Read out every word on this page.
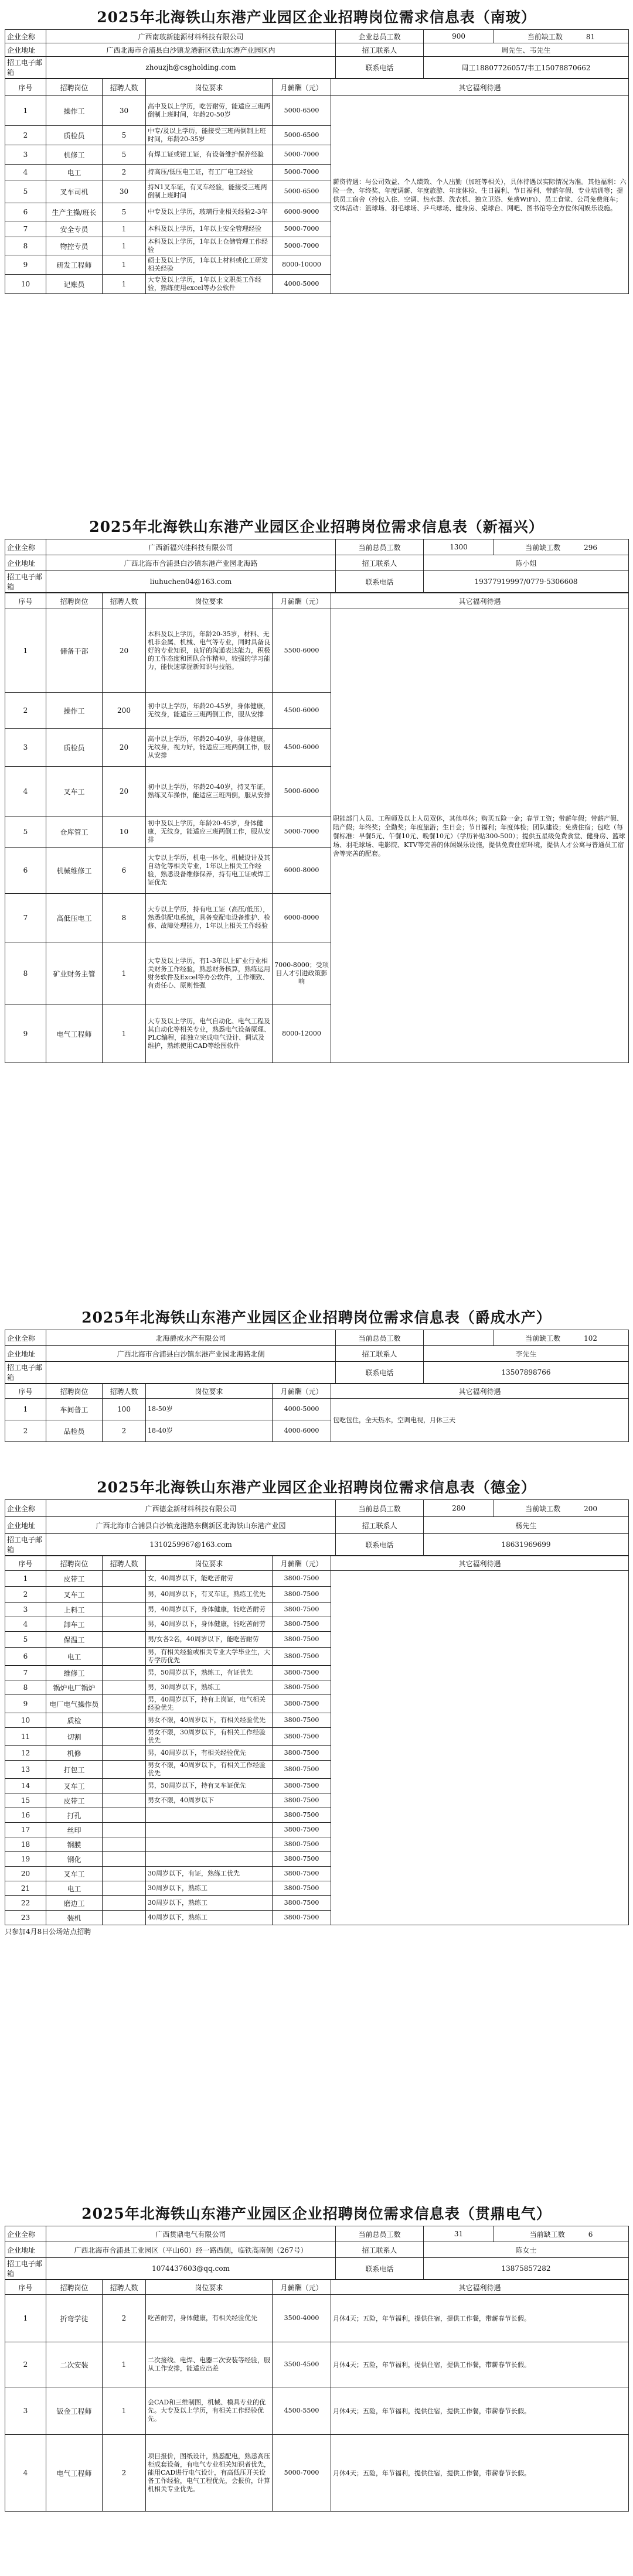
2025年北海铁山东港产业园区企业招聘岗位需求信息表（南玻）
企业全称	广西南玻新能源材料科技有限公司	企业总员工数	900	当前缺工数 81
企业地址	广西北海市合浦县白沙镇龙港新区铁山东港产业园区内	招工联系人	周先生、韦先生	
招工电子邮箱	zhouzjh@csgholding.com	联系电话	周工18807726057/韦工15078870662	
序号	招聘岗位	招聘人数	岗位要求	月薪酬（元）	其它福利待遇
1	操作工	30	高中及以上学历，吃苦耐劳，能适应三班两倒制上班时间，年龄20-50岁	5000-6500	薪资待遇：与公司效益、个人绩效、个人出勤（加班等相关），具体待遇以实际情况为准。其他福利：六险一金、年终奖、年度调薪、年度旅游、年度体检、生日福利、节日福利、带薪年假、专业培训等；提供员工宿舍（拎包入住、空调、热水器、洗衣机、独立卫浴、免费WiFi）、员工食堂、公司免费班车；文体活动：篮球场、羽毛球场、乒乓球场、健身房、桌球台、网吧、图书馆等全方位休闲娱乐设施。
2	质检员	5	中专/及以上学历，能接受三班两倒制上班时间，年龄20-35岁	5000-6500	
3	机修工	5	有焊工证或钳工证，有设备维护保养经验	5000-7000	
4	电工	2	持高压/低压电工证，有工厂电工经验	5000-7000	
5	叉车司机	30	持N1叉车证，有叉车经验，能接受三班两倒制上班时间	5000-6500	
6	生产主操/班长	5	中专及以上学历，玻璃行业相关经验2-3年	6000-9000	
7	安全专员	1	本科及以上学历，1年以上安全管理经验	5000-7000	
8	物控专员	1	本科及以上学历，1年以上仓储管理工作经验	5000-7000	
9	研发工程师	1	硕士及以上学历，1年以上材料或化工研发相关经验	8000-10000	
10	记账员	1	大专及以上学历，1年以上文职类工作经验，熟练使用excel等办公软件	4000-5000	
2025年北海铁山东港产业园区企业招聘岗位需求信息表（新福兴）
企业全称	广西新福兴硅科技有限公司	当前总员工数	1300	当前缺工数 296
企业地址	广西北海市合浦县白沙镇东港产业园北海路	招工联系人	陈小姐	
招工电子邮箱	liuhuchen04@163.com	联系电话	19377919997/0779-5306608	
序号	招聘岗位	招聘人数	岗位要求	月薪酬（元）	其它福利待遇
1	储备干部	20	本科及以上学历，年龄20-35岁，材料、无机非金属、机械、电气等专业，同时具备良好的专业知识，良好的沟通表达能力，积极的工作态度和团队合作精神，较强的学习能力，能快速掌握新知识与技能。	5500-6000	职能部门人员、工程师及以上人员双休，其他单休；购买五险一金；春节工资；带薪年假；带薪产假、陪产假；年终奖；全勤奖；年度旅游；生日会；节日福利；年度体检；团队建设；免费住宿；包吃（每餐标准：早餐5元、午餐10元、晚餐10元）（学历补贴300-500）；提供五星级免费食堂、健身房、篮球场、羽毛球场、电影院、KTV等完善的休闲娱乐设施，提供免费住宿环境，提供人才公寓与普通员工宿舍等完善的配套。
2	操作工	200	初中以上学历，年龄20-45岁，身体健康，无纹身，能适应三班两倒工作，服从安排	4500-6000	
3	质检员	20	高中以上学历，年龄20-40岁，身体健康，无纹身，视力好，能适应三班两倒工作，服从安排	4500-6000	
4	叉车工	20	初中以上学历，年龄20-40岁，持叉车证，熟练叉车操作，能适应三班两倒，服从安排	5000-6000	
5	仓库管工	10	初中及以上学历，年龄20-45岁，身体健康，无纹身，能适应三班两倒工作，服从安排	5000-7000	
6	机械维修工	6	大专以上学历，机电一体化、机械设计及其自动化等相关专业，1年以上相关工作经验，熟悉设备维修保养，持有电工证或焊工证优先	6000-8000	
7	高低压电工	8	大专以上学历，持有电工证（高压/低压），熟悉供配电系统，具备变配电设备维护、检修、故障处理能力，1年以上相关工作经验	6000-8000	
8	矿业财务主管	1	大专及以上学历，有1-3年以上矿业行业相关财务工作经验，熟悉财务核算，熟练运用财务软件及Excel等办公软件，工作细致、有责任心、原则性强	7000-8000；受项目人才引进政策影响	
9	电气工程师	1	大专及以上学历，电气自动化、电气工程及其自动化等相关专业，熟悉电气设备原理、PLC编程，能独立完成电气设计、调试及维护，熟练使用CAD等绘图软件	8000-12000	
2025年北海铁山东港产业园区企业招聘岗位需求信息表（爵成水产）
企业全称	北海爵成水产有限公司	当前总员工数		当前缺工数 102
企业地址	广西北海市合浦县白沙镇东港产业园北海路北侧	招工联系人	李先生	
招工电子邮箱		联系电话	13507898766	
序号	招聘岗位	招聘人数	岗位要求	月薪酬（元）	其它福利待遇
1	车间普工	100	18-50岁	4000-5000	包吃包住，全天热水，空调电视，月休三天
2	品检员	2	18-40岁	4000-6000	
2025年北海铁山东港产业园区企业招聘岗位需求信息表（德金）
企业全称	广西德金新材料科技有限公司	当前总员工数	280	当前缺工数 200
企业地址	广西北海市合浦县白沙镇龙港路东侧新区北海铁山东港产业园	招工联系人	杨先生	
招工电子邮箱	1310259967@163.com	联系电话	18631969699	
序号	招聘岗位	招聘人数	岗位要求	月薪酬（元）	其它福利待遇
1	皮带工		女，40周岁以下，能吃苦耐劳	3800-7500	
2	叉车工		男，40周岁以下，有叉车证，熟练工优先	3800-7500	
3	上料工		男，40周岁以下，身体健康，能吃苦耐劳	3800-7500	
4	卸车工		男，40周岁以下，身体健康，能吃苦耐劳	3800-7500	
5	保温工		男/女各2名，40周岁以下，能吃苦耐劳	3800-7500	
6	电工		男，有相关经验或相关专业大学毕业生，大专学历优先	3800-7500	
7	维修工		男，50周岁以下，熟练工，有证优先	3800-7500	
8	锅炉电厂锅炉		男，30周岁以下，熟练工	3800-7500	
9	电厂电气操作员		男，40周岁以下，持有上岗证，电气相关经验优先	3800-7500	
10	质检		男女不限，40周岁以下，有相关经验优先	3800-7500	
11	切割		男女不限，30周岁以下，有相关工作经验优先	3800-7500	
12	机修		男，40周岁以下，有相关经验优先	3800-7500	
13	打包工		男女不限，40周岁以下，有相关工作经验优先	3800-7500	
14	叉车工		男，50周岁以下，持有叉车证优先	3800-7500	
15	皮带工		男女不限，40周岁以下	3800-7500	
16	打孔			3800-7500	
17	丝印			3800-7500	
18	钢膜			3800-7500	
19	钢化			3800-7500	
20	叉车工		30周岁以下，有证，熟练工优先	3800-7500	
21	电工		30周岁以下，熟练工	3800-7500	
22	磨边工		30周岁以下，熟练工	3800-7500	
23	装机		40周岁以下，熟练工	3800-7500	
只参加4月8日公场站点招聘
2025年北海铁山东港产业园区企业招聘岗位需求信息表（贯鼎电气）
企业全称	广西贯鼎电气有限公司	当前总员工数	31	当前缺工数 6
企业地址	广西北海市合浦县工业园区（平山60）经一路西侧，临铁高南侧（267号）	招工联系人	陈女士	
招工电子邮箱	1074437603@qq.com	联系电话	13875857282	
序号	招聘岗位	招聘人数	岗位要求	月薪酬（元）	其它福利待遇
1	折弯学徒	2	吃苦耐劳，身体健康，有相关经验优先	3500-4000	月休4天；五险，年节福利，提供住宿，提供工作餐，带薪春节长假。
2	二次安装	1	二次接线、电焊、电器二次安装等经验，服从工作安排，能适应出差	3500-4500	月休4天；五险，年节福利，提供住宿，提供工作餐，带薪春节长假。
3	钣金工程师	1	会CAD和三维制图，机械、模具专业的优先。大专及以上学历，有相关工作经验优先。	4500-5500	月休4天；五险，年节福利，提供住宿，提供工作餐，带薪春节长假。
4	电气工程师	2	项目报价，图纸设计，熟悉配电，熟悉高压柜成套设备，有电气专业相关知识者优先，能用CAD进行电气设计，有高低压开关设备工作经验，电气工程优先，会报价，计算机相关专业优先。	5000-7000	月休4天；五险，年节福利，提供住宿，提供工作餐，带薪春节长假。
